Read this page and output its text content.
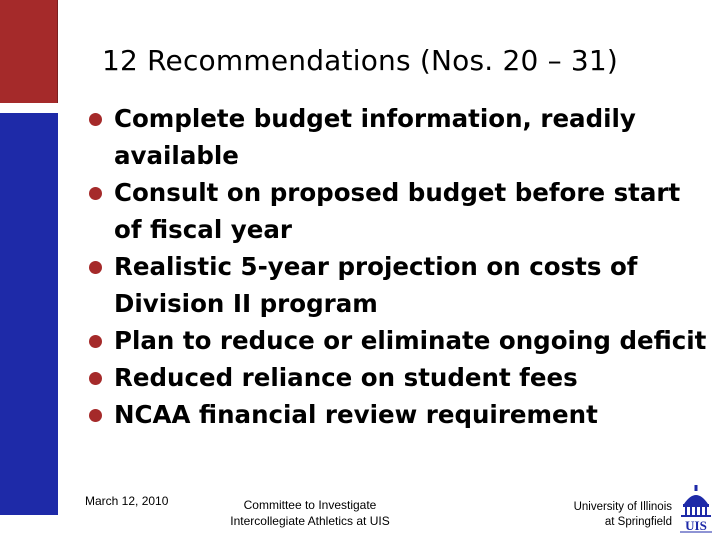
12 Recommendations (Nos. 20 – 31)
Complete budget information, readily available
Consult on proposed budget before start of fiscal year
Realistic 5-year projection on costs of Division II program
Plan to reduce or eliminate ongoing deficit
Reduced reliance on student fees
NCAA financial review requirement
March 12, 2010	Committee to Investigate
Intercollegiate Athletics at UIS
University of Illinois
at Springfield UIS
